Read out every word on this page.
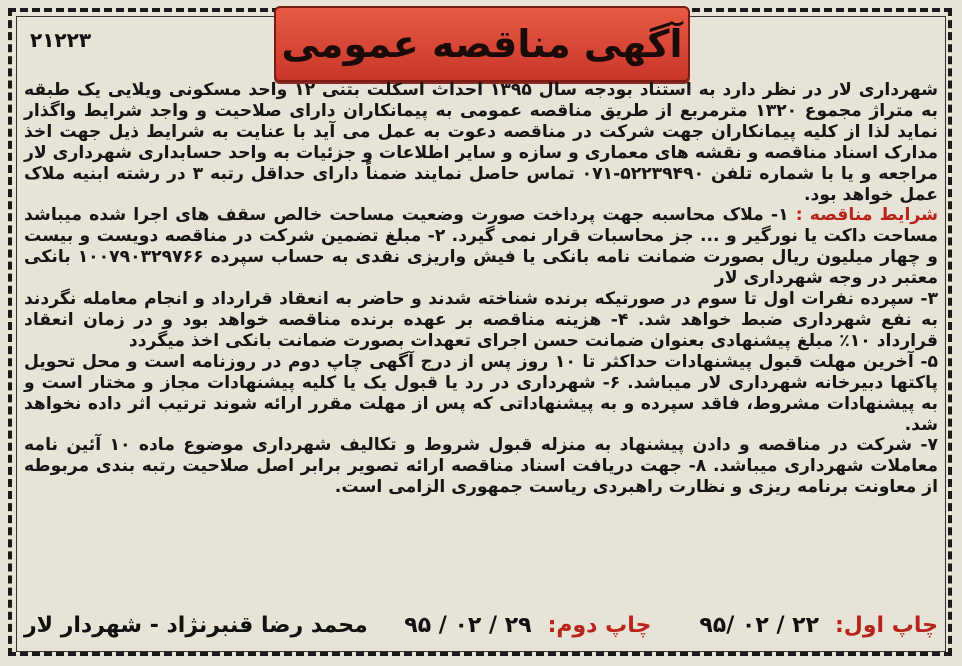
۲۱۲۲۳	آگهی مناقصه عمومی

شهرداری لار در نظر دارد به استناد بودجه سال ۱۳۹۵ احداث اسکلت بتنی ۱۲ واحد مسکونی ویلایی یک طبقه به متراژ مجموع ۱۳۲۰ مترمربع از طریق مناقصه عمومی به پیمانکاران دارای صلاحیت و واجد شرایط واگذار نماید لذا از کلیه پیمانکاران جهت شرکت در مناقصه دعوت به عمل می آید با عنایت به شرایط ذیل جهت اخذ مدارک اسناد مناقصه و نقشه های معماری و سازه و سایر اطلاعات و جزئیات به واحد حسابداری شهرداری لار مراجعه و یا با شماره تلفن ۵۲۲۳۹۴۹۰-۰۷۱ تماس حاصل نمایند ضمناً دارای حداقل رتبه ۳ در رشته ابنیه ملاک عمل خواهد بود.

شرایط مناقصه : ۱- ملاک محاسبه جهت پرداخت صورت وضعیت مساحت خالص سقف های اجرا شده میباشد مساحت داکت یا نورگیر و ... جز محاسبات قرار نمی گیرد. ۲- مبلغ تضمین شرکت در مناقصه دویست و بیست و چهار میلیون ریال بصورت ضمانت نامه بانکی یا فیش واریزی نقدی به حساب سپرده ۱۰۰۷۹۰۳۲۹۷۶۶ بانکی معتبر در وجه شهرداری لار

۳- سپرده نفرات اول تا سوم در صورتیکه برنده شناخته شدند و حاضر به انعقاد قرارداد و انجام معامله نگردند به نفع شهرداری ضبط خواهد شد. ۴- هزینه مناقصه بر عهده برنده مناقصه خواهد بود و در زمان انعقاد قرارداد ۱۰٪ مبلغ پیشنهادی بعنوان ضمانت حسن اجرای تعهدات بصورت ضمانت بانکی اخذ میگردد

۵- آخرین مهلت قبول پیشنهادات حداکثر تا ۱۰ روز پس از درج آگهی چاپ دوم در روزنامه است و محل تحویل پاکتها دبیرخانه شهرداری لار میباشد. ۶- شهرداری در رد یا قبول یک یا کلیه پیشنهادات مجاز و مختار است و به پیشنهادات مشروط، فاقد سپرده و به پیشنهاداتی که پس از مهلت مقرر ارائه شوند ترتیب اثر داده نخواهد شد.

۷- شرکت در مناقصه و دادن پیشنهاد به منزله قبول شروط و تکالیف شهرداری موضوع ماده ۱۰ آئین نامه معاملات شهرداری میباشد. ۸- جهت دریافت اسناد مناقصه ارائه تصویر برابر اصل صلاحیت رتبه بندی مربوطه از معاونت برنامه ریزی و نظارت راهبردی ریاست جمهوری الزامی است.

چاپ اول:
۲۲ / ۰۲ /۹۵
چاپ دوم:
۲۹ / ۰۲ / ۹۵
محمد رضا قنبرنژاد - شهردار لار
